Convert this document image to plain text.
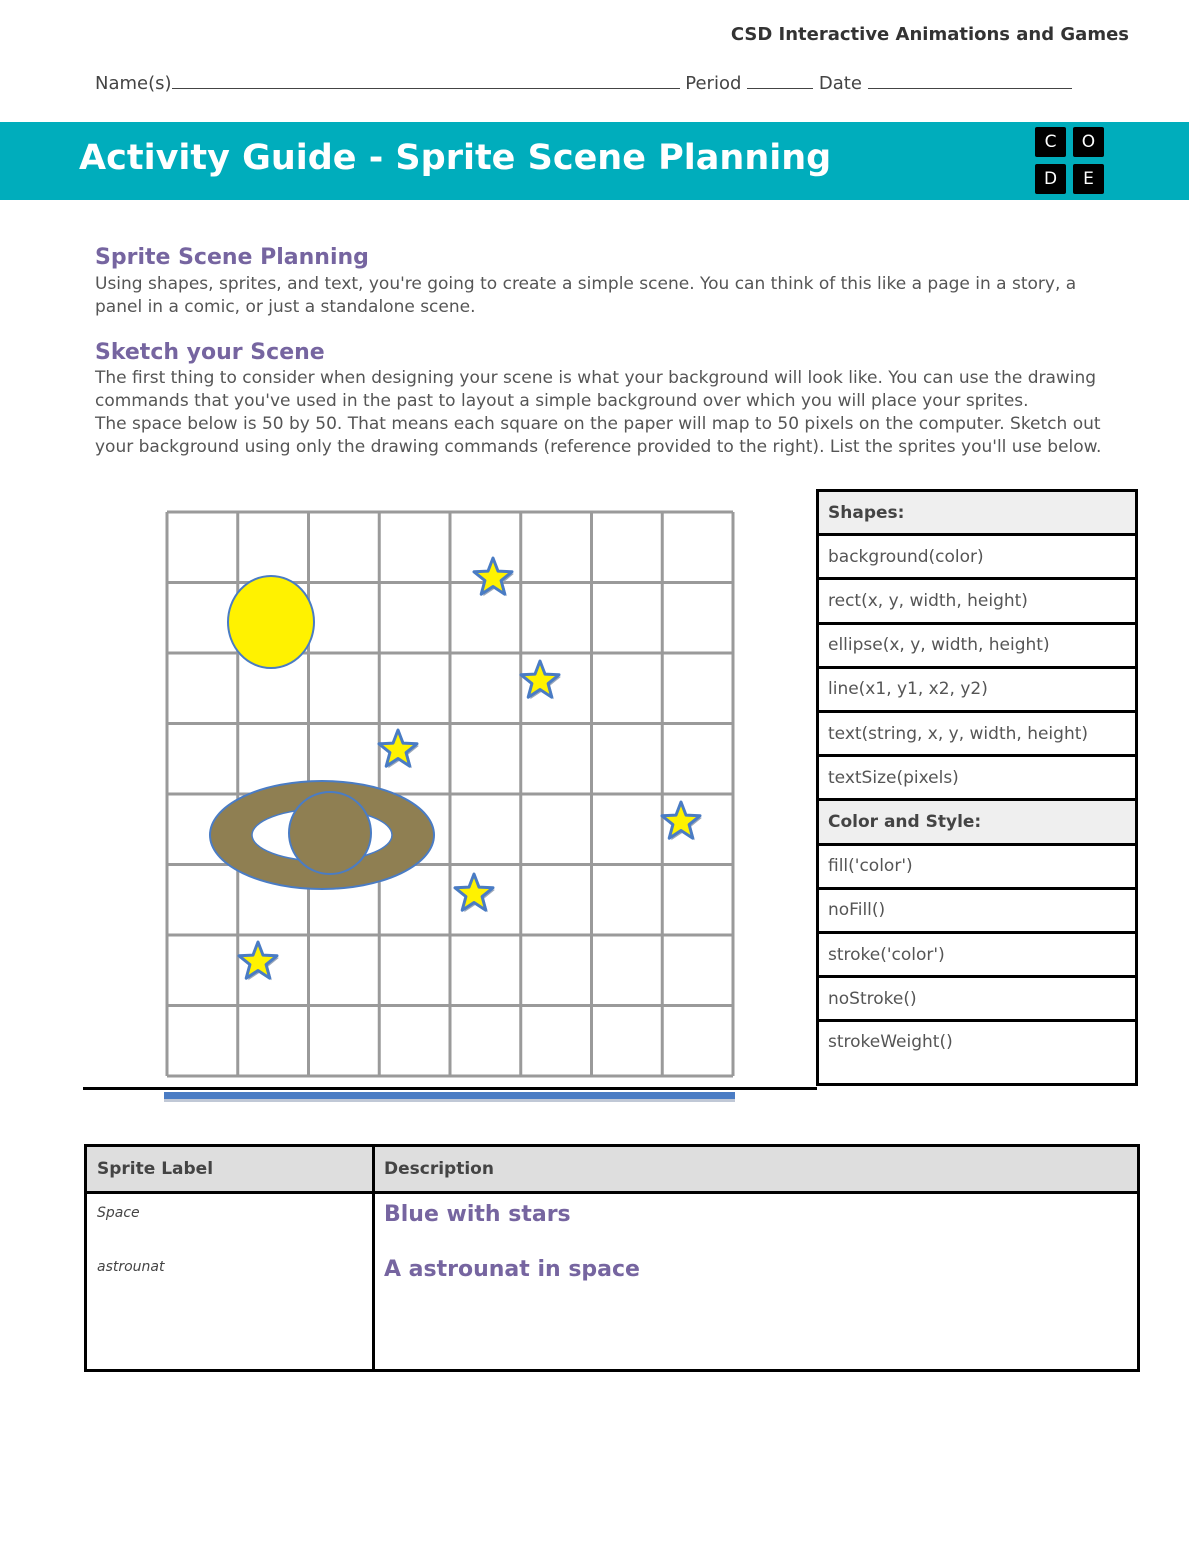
CSD Interactive Animations and Games
Name(s)	Period	Date
Activity Guide - Sprite Scene Planning	C	O
D	E
Sprite Scene Planning

Using shapes, sprites, and text, you're going to create a simple scene. You can think of this like a page in a story, a panel in a comic, or just a standalone scene.

Sketch your Scene

The first thing to consider when designing your scene is what your background will look like. You can use the drawing commands that you've used in the past to layout a simple background over which you will place your sprites.

The space below is 50 by 50. That means each square on the paper will map to 50 pixels on the computer. Sketch out your background using only the drawing commands (reference provided to the right). List the sprites you'll use below.

Shapes:
background(color)
rect(x, y, width, height)
ellipse(x, y, width, height)
line(x1, y1, x2, y2)
text(string, x, y, width, height)
textSize(pixels)
Color and Style:
fill('color')
noFill()
stroke('color')
noStroke()
strokeWeight()
Sprite Label	Description
Space	Blue with stars
astrounat	A astrounat in space
